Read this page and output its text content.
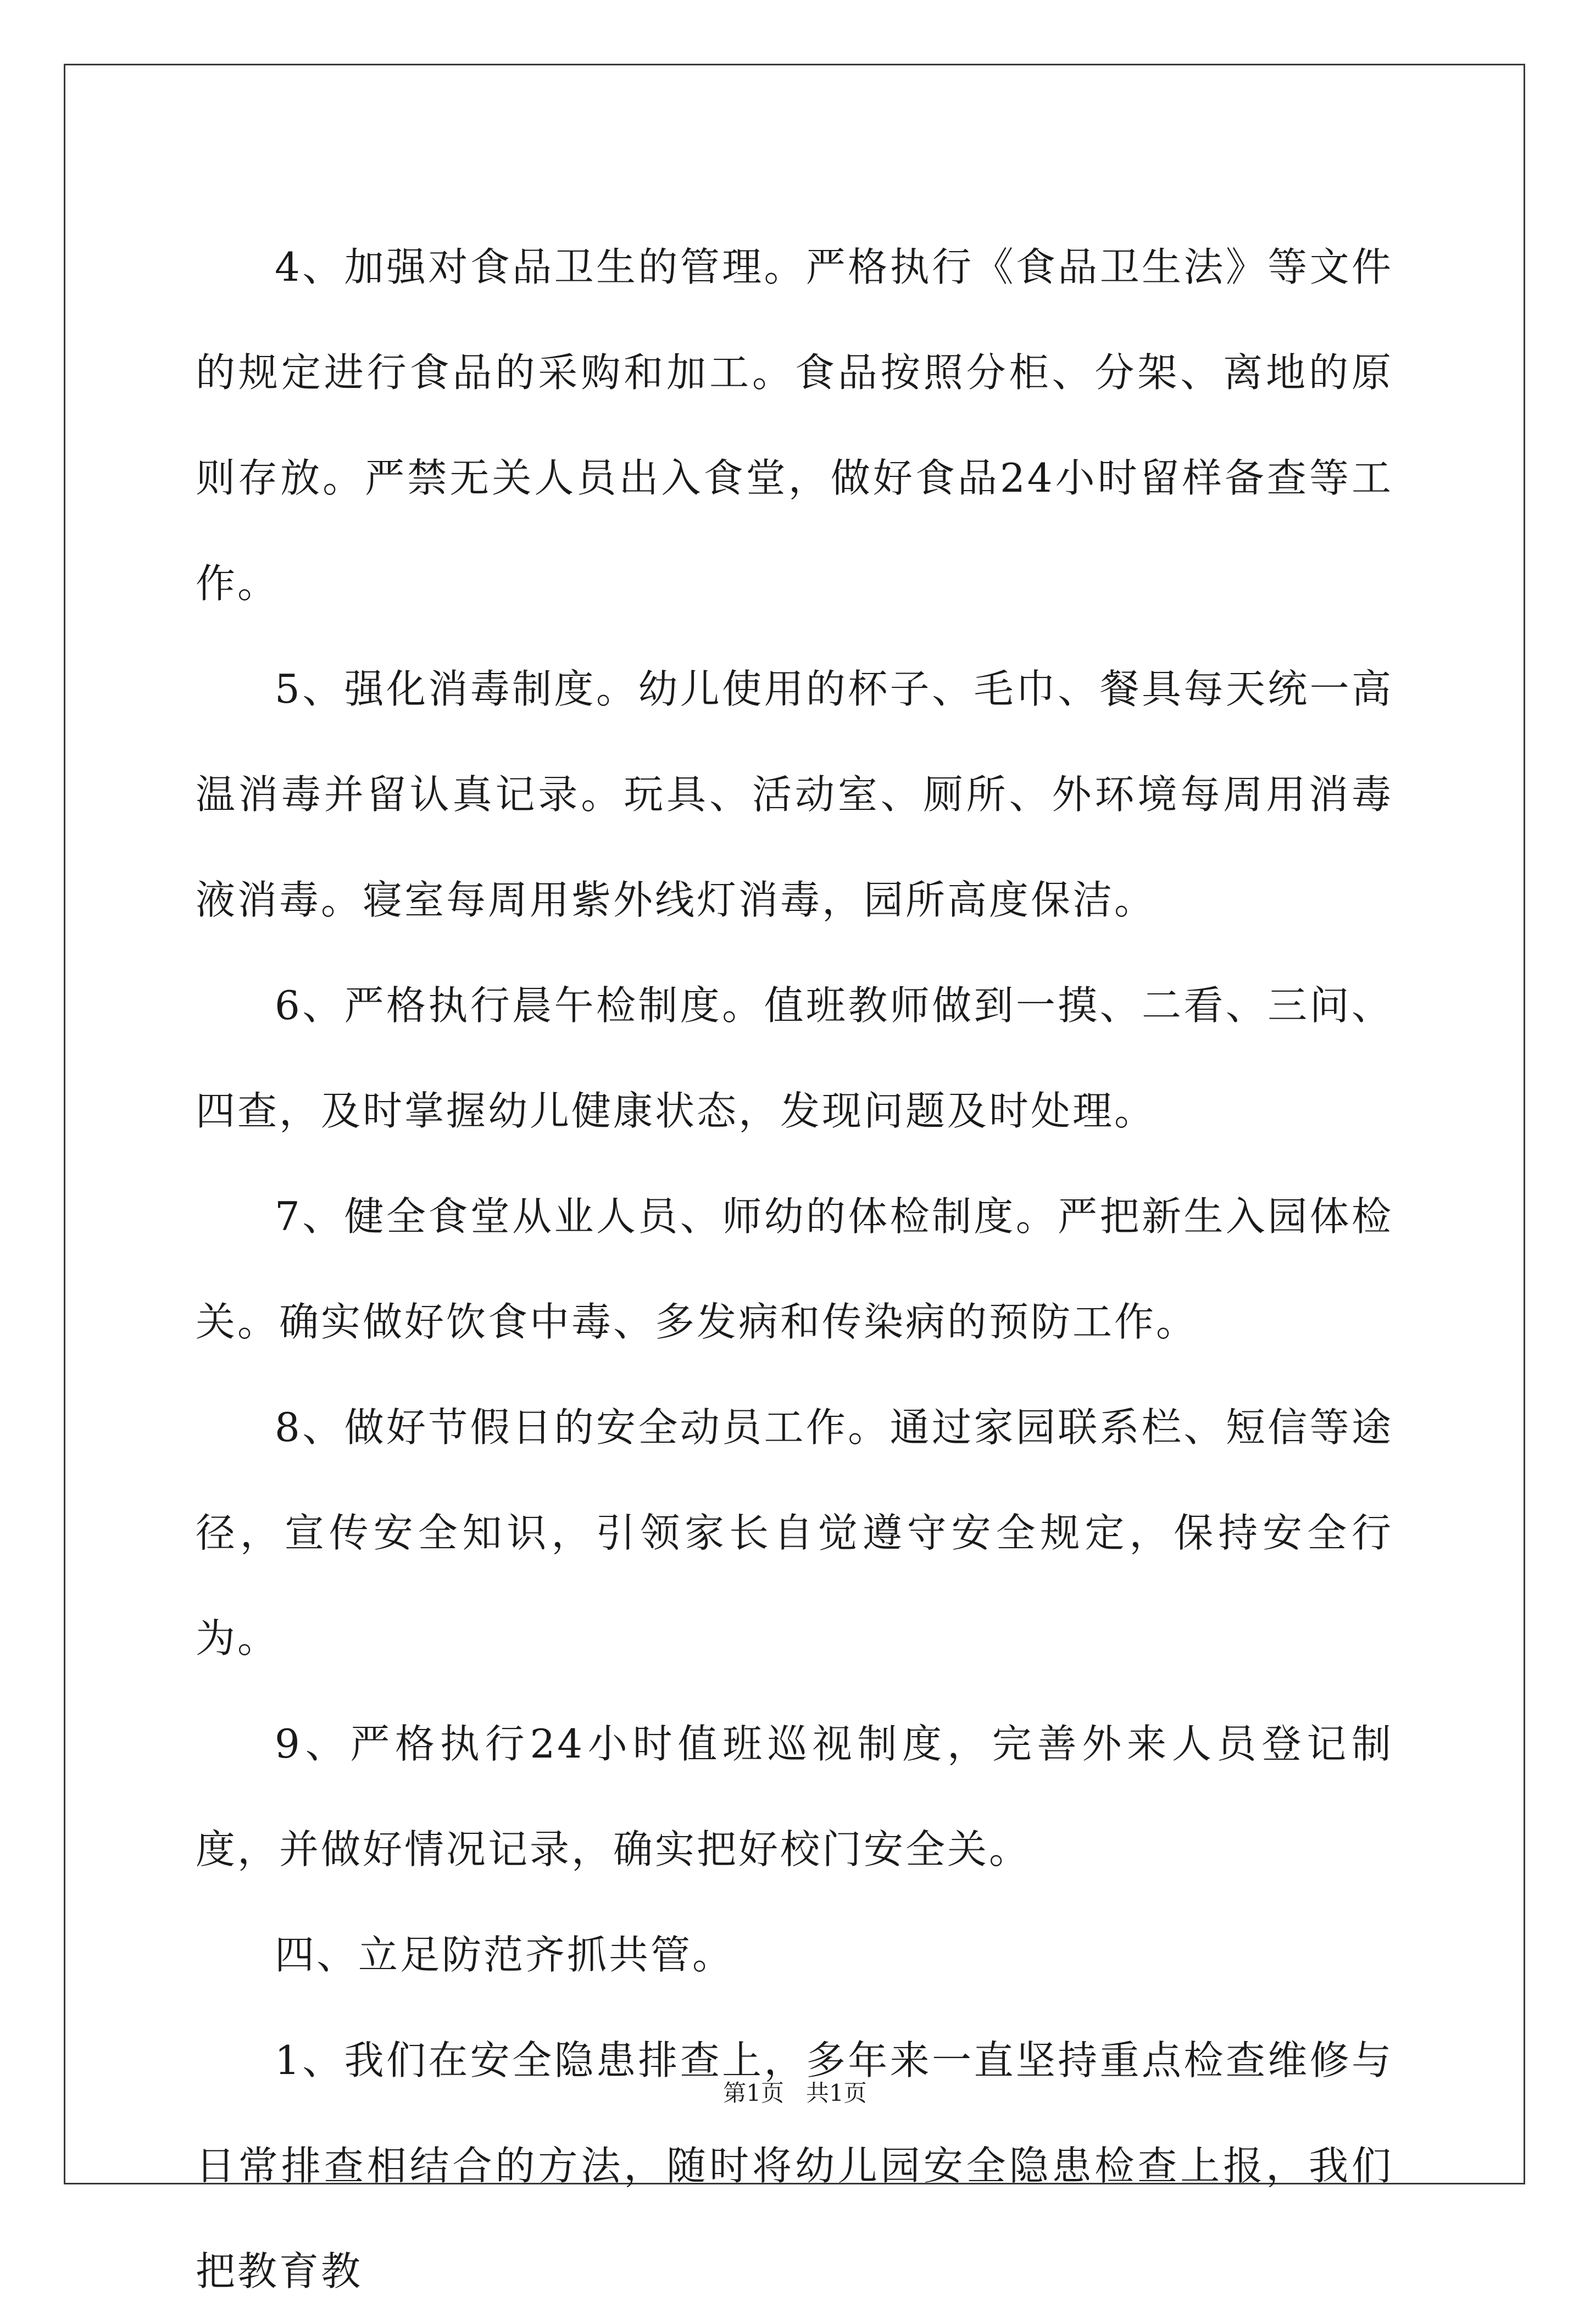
4、加强对食品卫生的管理。严格执行《食品卫生法》等文件的规定进行食品的采购和加工。食品按照分柜、分架、离地的原则存放。严禁无关人员出入食堂，做好食品24小时留样备查等工作。

5、强化消毒制度。幼儿使用的杯子、毛巾、餐具每天统一高温消毒并留认真记录。玩具、活动室、厕所、外环境每周用消毒液消毒。寝室每周用紫外线灯消毒，园所高度保洁。

6、严格执行晨午检制度。值班教师做到一摸、二看、三问、四查，及时掌握幼儿健康状态，发现问题及时处理。

7、健全食堂从业人员、师幼的体检制度。严把新生入园体检关。确实做好饮食中毒、多发病和传染病的预防工作。

8、做好节假日的安全动员工作。通过家园联系栏、短信等途径，宣传安全知识，引领家长自觉遵守安全规定，保持安全行为。

9、严格执行24小时值班巡视制度，完善外来人员登记制度，并做好情况记录，确实把好校门安全关。

四、立足防范齐抓共管。

1、我们在安全隐患排查上，多年来一直坚持重点检查维修与日常排查相结合的方法，随时将幼儿园安全隐患检查上报，我们把教育教

第1页 共1页
